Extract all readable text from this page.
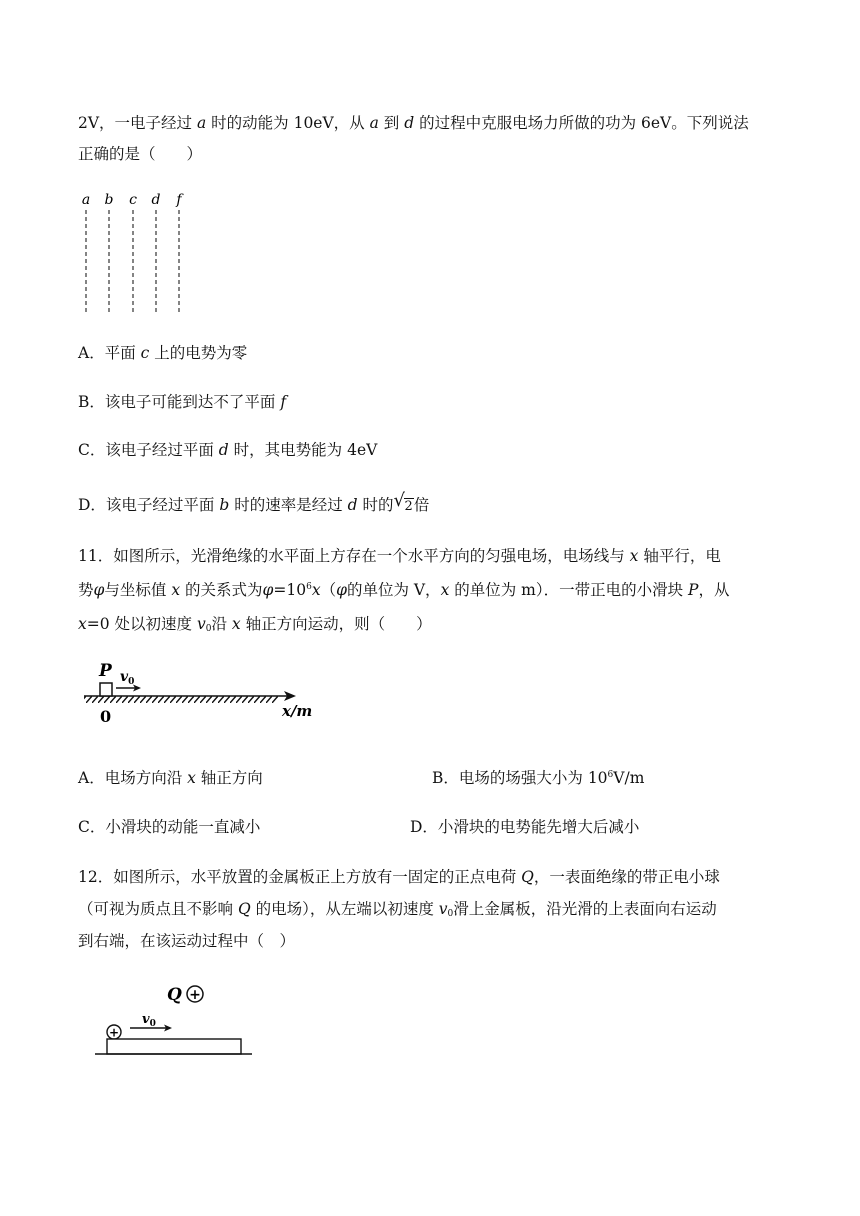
2V，一电子经过 a 时的动能为 10eV，从 a 到 d 的过程中克服电场力所做的功为 6eV。下列说法
正确的是（　　）
a b c d f
A．平面 c 上的电势为零
B．该电子可能到达不了平面 f
C．该电子经过平面 d 时，其电势能为 4eV
D．该电子经过平面 b 时的速率是经过 d 时的 √ 2倍
11．如图所示，光滑绝缘的水平面上方存在一个水平方向的匀强电场，电场线与 x 轴平行，电
势φ与坐标值 x 的关系式为$\varphi=10^6x(\varphi$的单位为 V，x 的单位为 m）．一带正电的小滑块 P，从
x=0 处以初速度 $v_0$沿 x 轴正方向运动，则（　　）
P $v_0$
0	x/m
A．电场方向沿 x 轴正方向	B．电场的场强大小为 $10^6V/m$
C．小滑块的动能一直减小	D．小滑块的电势能先增大后减小
12．如图所示，水平放置的金属板正上方放有一固定的正点电荷 Q，一表面绝缘的带正电小球
（可视为质点且不影响 Q 的电场），从左端以初速度 $v_0$滑上金属板，沿光滑的上表面向右运动
到右端，在该运动过程中（　）
Q +
$v_0$
+
